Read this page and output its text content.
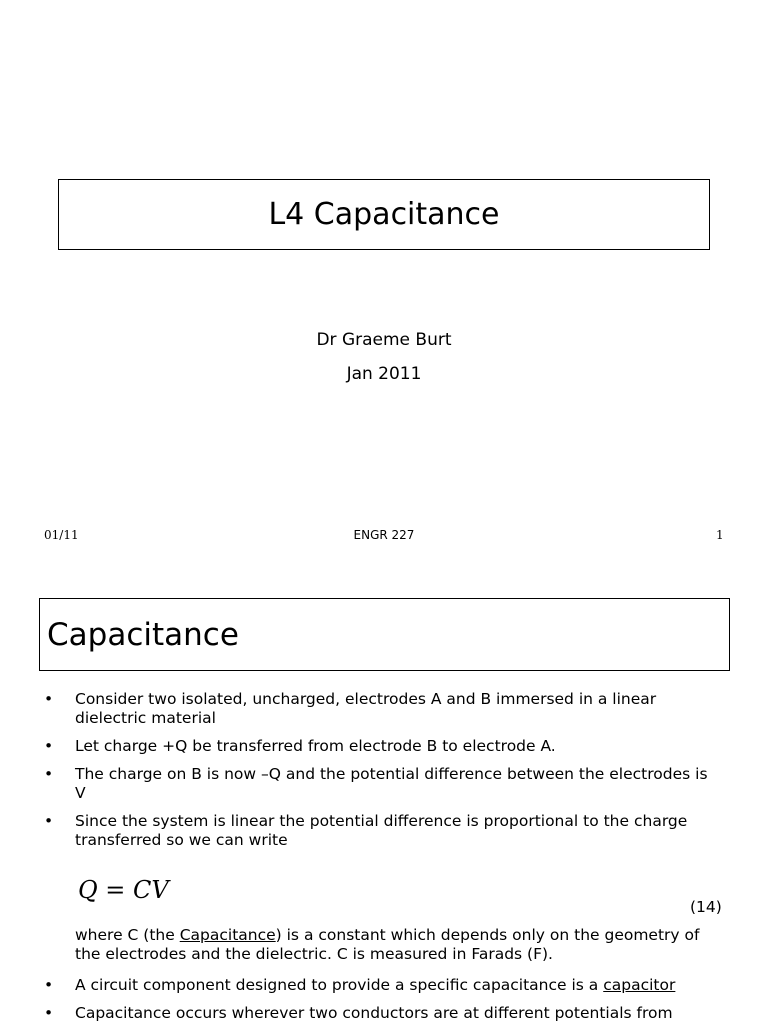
L4 Capacitance
Dr Graeme Burt
Jan 2011
01/11	ENGR 227	1
Capacitance
• Consider two isolated, uncharged, electrodes A and B immersed in a linear dielectric material
• Let charge +Q be transferred from electrode B to electrode A.
• The charge on B is now –Q and the potential difference between the electrodes is V
• Since the system is linear the potential difference is proportional to the charge transferred so we can write
Q = CV
(14)
where C (the Capacitance) is a constant which depends only on the geometry of the electrodes and the dielectric. C is measured in Farads (F).
• A circuit component designed to provide a specific capacitance is a capacitor
• Capacitance occurs wherever two conductors are at different potentials from
